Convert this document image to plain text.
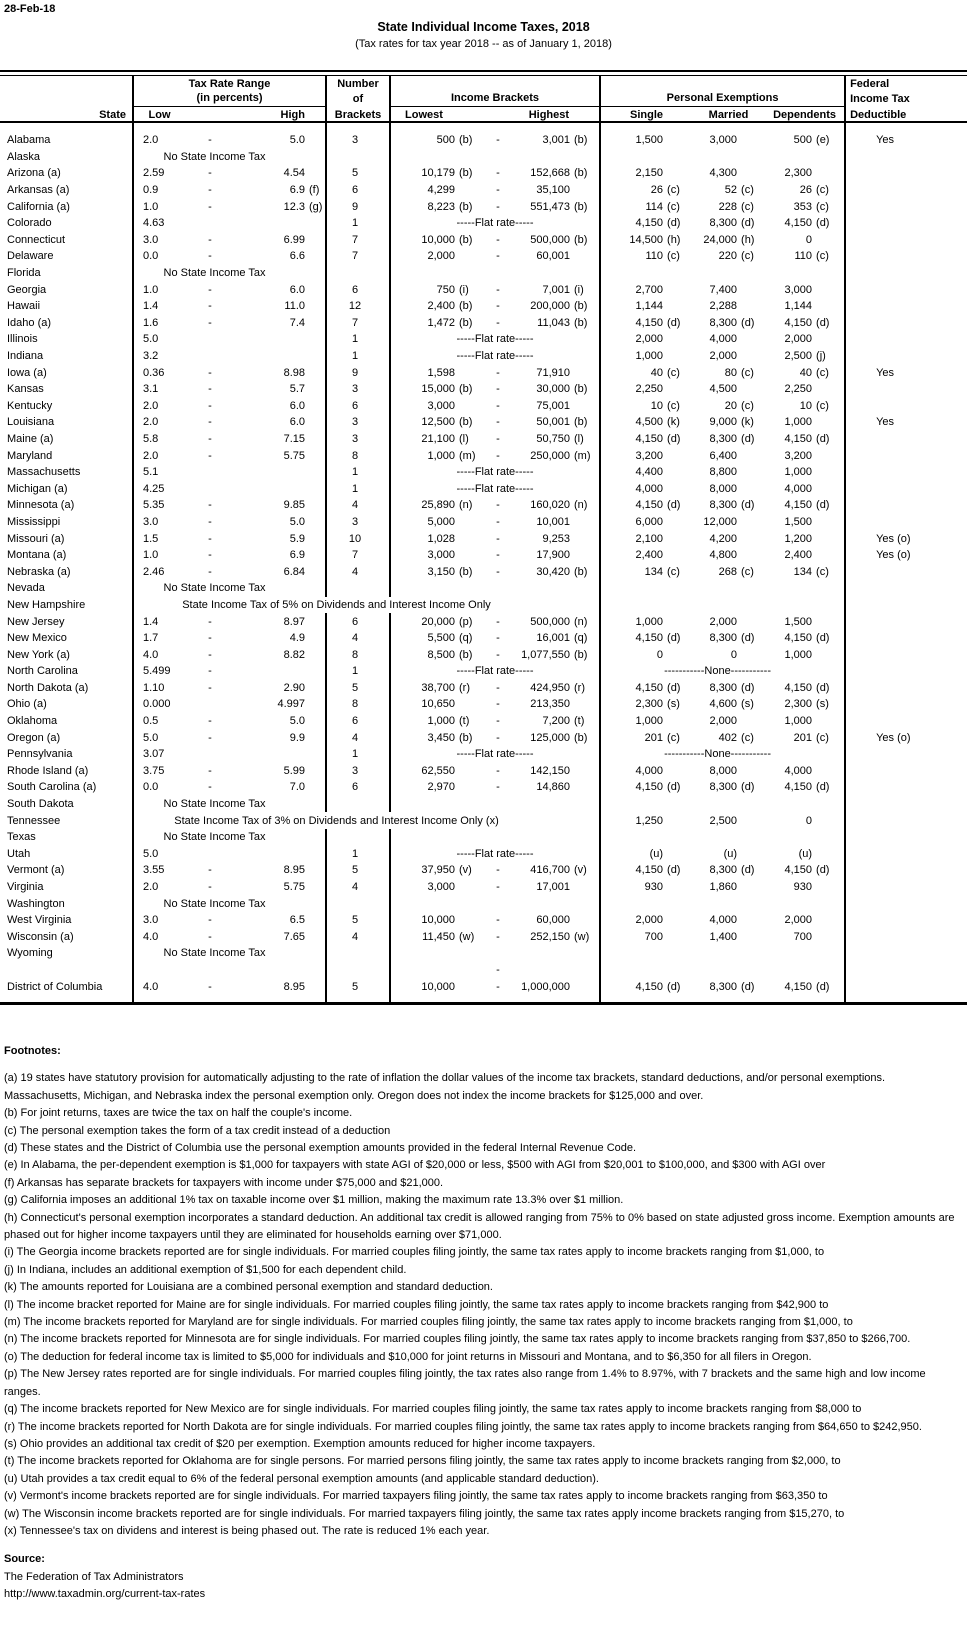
28-Feb-18
State Individual Income Taxes, 2018
(Tax rates for tax year 2018 -- as of January 1, 2018)
	Tax Rate Range			Number							Federal
	(in percents)			of	Income Brackets			Personal Exemptions			Income Tax
State	Low		High	Brackets	Lowest		Highest	Single	Married	Dependents	Deductible

Alabama	2.0	-	5.0	3	500 (b)	-	3,001 (b)	1,500	3,000	500 (e)	Yes
Alaska	No State Income Tax										
Arizona (a)	2.59	-	4.54	5	10,179 (b)	-	152,668 (b)	2,150	4,300	2,300	
Arkansas (a)	0.9	-	6.9 (f)	6	4,299	-	35,100	26 (c)	52 (c)	26 (c)	
California (a)	1.0	-	12.3 (g)	9	8,223 (b)	-	551,473 (b)	114 (c)	228 (c)	353 (c)	
Colorado	4.63			1	-----Flat rate-----			4,150 (d)	8,300 (d)	4,150 (d)	
Connecticut	3.0	-	6.99	7	10,000 (b)	-	500,000 (b)	14,500 (h)	24,000 (h)	0	
Delaware	0.0	-	6.6	7	2,000	-	60,001	110 (c)	220 (c)	110 (c)	
Florida	No State Income Tax										
Georgia	1.0	-	6.0	6	750 (i)	-	7,001 (i)	2,700	7,400	3,000	
Hawaii	1.4	-	11.0	12	2,400 (b)	-	200,000 (b)	1,144	2,288	1,144	
Idaho (a)	1.6	-	7.4	7	1,472 (b)	-	11,043 (b)	4,150 (d)	8,300 (d)	4,150 (d)	
Illinois	5.0			1	-----Flat rate-----			2,000	4,000	2,000	
Indiana	3.2			1	-----Flat rate-----			1,000	2,000	2,500 (j)	
Iowa (a)	0.36	-	8.98	9	1,598	-	71,910	40 (c)	80 (c)	40 (c)	Yes
Kansas	3.1	-	5.7	3	15,000 (b)	-	30,000 (b)	2,250	4,500	2,250	
Kentucky	2.0	-	6.0	6	3,000	-	75,001	10 (c)	20 (c)	10 (c)	
Louisiana	2.0	-	6.0	3	12,500 (b)	-	50,001 (b)	4,500 (k)	9,000 (k)	1,000	Yes
Maine (a)	5.8	-	7.15	3	21,100 (l)	-	50,750 (l)	4,150 (d)	8,300 (d)	4,150 (d)	
Maryland	2.0	-	5.75	8	1,000 (m)	-	250,000 (m)	3,200	6,400	3,200	
Massachusetts	5.1			1	-----Flat rate-----			4,400	8,800	1,000	
Michigan (a)	4.25			1	-----Flat rate-----			4,000	8,000	4,000	
Minnesota (a)	5.35	-	9.85	4	25,890 (n)	-	160,020 (n)	4,150 (d)	8,300 (d)	4,150 (d)	
Mississippi	3.0	-	5.0	3	5,000	-	10,001	6,000	12,000	1,500	
Missouri (a)	1.5	-	5.9	10	1,028	-	9,253	2,100	4,200	1,200	Yes (o)
Montana (a)	1.0	-	6.9	7	3,000	-	17,900	2,400	4,800	2,400	Yes (o)
Nebraska (a)	2.46	-	6.84	4	3,150 (b)	-	30,420 (b)	134 (c)	268 (c)	134 (c)	
Nevada	No State Income Tax										
New Hampshire	State Income Tax of 5% on Dividends and Interest Income Only										
New Jersey	1.4	-	8.97	6	20,000 (p)	-	500,000 (n)	1,000	2,000	1,500	
New Mexico	1.7	-	4.9	4	5,500 (q)	-	16,001 (q)	4,150 (d)	8,300 (d)	4,150 (d)	
New York (a)	4.0	-	8.82	8	8,500 (b)	-	1,077,550 (b)	0	0	1,000	
North Carolina	5.499	-		1	-----Flat rate-----			-----------None-----------			
North Dakota (a)	1.10	-	2.90	5	38,700 (r)	-	424,950 (r)	4,150 (d)	8,300 (d)	4,150 (d)	
Ohio (a)	0.000		4.997	8	10,650	-	213,350	2,300 (s)	4,600 (s)	2,300 (s)	
Oklahoma	0.5	-	5.0	6	1,000 (t)	-	7,200 (t)	1,000	2,000	1,000	
Oregon (a)	5.0	-	9.9	4	3,450 (b)	-	125,000 (b)	201 (c)	402 (c)	201 (c)	Yes (o)
Pennsylvania	3.07			1	-----Flat rate-----			-----------None-----------			
Rhode Island (a)	3.75	-	5.99	3	62,550	-	142,150	4,000	8,000	4,000	
South Carolina (a)	0.0	-	7.0	6	2,970	-	14,860	4,150 (d)	8,300 (d)	4,150 (d)	
South Dakota	No State Income Tax										
Tennessee	State Income Tax of 3% on Dividends and Interest Income Only (x)							1,250	2,500	0	
Texas	No State Income Tax										
Utah	5.0			1	-----Flat rate-----			(u)	(u)	(u)	
Vermont (a)	3.55	-	8.95	5	37,950 (v)	-	416,700 (v)	4,150 (d)	8,300 (d)	4,150 (d)	
Virginia	2.0	-	5.75	4	3,000	-	17,001	930	1,860	930	
Washington	No State Income Tax										
West Virginia	3.0	-	6.5	5	10,000	-	60,000	2,000	4,000	2,000	
Wisconsin (a)	4.0	-	7.65	4	11,450 (w)	-	252,150 (w)	700	1,400	700	
Wyoming	No State Income Tax										
						-					
District of Columbia	4.0	-	8.95	5	10,000	-	1,000,000	4,150 (d)	8,300 (d)	4,150 (d)	

Footnotes:

(a) 19 states have statutory provision for automatically adjusting to the rate of inflation the dollar values of the income tax brackets, standard deductions, and/or personal exemptions. Massachusetts, Michigan, and Nebraska index the personal exemption only. Oregon does not index the income brackets for $125,000 and over.

(b) For joint returns, taxes are twice the tax on half the couple's income.

(c) The personal exemption takes the form of a tax credit instead of a deduction

(d) These states and the District of Columbia use the personal exemption amounts provided in the federal Internal Revenue Code.

(e) In Alabama, the per-dependent exemption is $1,000 for taxpayers with state AGI of $20,000 or less, $500 with AGI from $20,001 to $100,000, and $300 with AGI over

(f) Arkansas has separate brackets for taxpayers with income under $75,000 and $21,000.

(g) California imposes an additional 1% tax on taxable income over $1 million, making the maximum rate 13.3% over $1 million.

(h) Connecticut's personal exemption incorporates a standard deduction. An additional tax credit is allowed ranging from 75% to 0% based on state adjusted gross income. Exemption amounts are phased out for higher income taxpayers until they are eliminated for households earning over $71,000.

(i) The Georgia income brackets reported are for single individuals. For married couples filing jointly, the same tax rates apply to income brackets ranging from $1,000, to

(j) In Indiana, includes an additional exemption of $1,500 for each dependent child.

(k) The amounts reported for Louisiana are a combined personal exemption and standard deduction.

(l) The income bracket reported for Maine are for single individuals. For married couples filing jointly, the same tax rates apply to income brackets ranging from $42,900 to

(m) The income brackets reported for Maryland are for single individuals. For married couples filing jointly, the same tax rates apply to income brackets ranging from $1,000, to

(n) The income brackets reported for Minnesota are for single individuals. For married couples filing jointly, the same tax rates apply to income brackets ranging from $37,850 to $266,700.

(o) The deduction for federal income tax is limited to $5,000 for individuals and $10,000 for joint returns in Missouri and Montana, and to $6,350 for all filers in Oregon.

(p) The New Jersey rates reported are for single individuals. For married couples filing jointly, the tax rates also range from 1.4% to 8.97%, with 7 brackets and the same high and low income ranges.

(q) The income brackets reported for New Mexico are for single individuals. For married couples filing jointly, the same tax rates apply to income brackets ranging from $8,000 to

(r) The income brackets reported for North Dakota are for single individuals. For married couples filing jointly, the same tax rates apply to income brackets ranging from $64,650 to $242,950.

(s) Ohio provides an additional tax credit of $20 per exemption. Exemption amounts reduced for higher income taxpayers.

(t) The income brackets reported for Oklahoma are for single persons. For married persons filing jointly, the same tax rates apply to income brackets ranging from $2,000, to

(u) Utah provides a tax credit equal to 6% of the federal personal exemption amounts (and applicable standard deduction).

(v) Vermont's income brackets reported are for single individuals. For married taxpayers filing jointly, the same tax rates apply to income brackets ranging from $63,350 to

(w) The Wisconsin income brackets reported are for single individuals. For married taxpayers filing jointly, the same tax rates apply income brackets ranging from $15,270, to

(x) Tennessee's tax on dividens and interest is being phased out. The rate is reduced 1% each year.

Source:
The Federation of Tax Administrators
http://www.taxadmin.org/current-tax-rates
